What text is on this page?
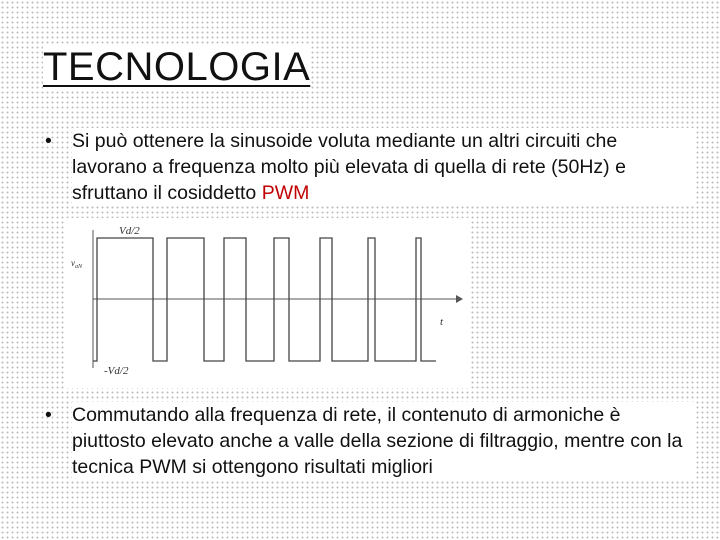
TECNOLOGIA
•	Si può ottenere la sinusoide voluta mediante un altri circuiti che lavorano a frequenza molto più elevata di quella di rete (50Hz) e sfruttano il cosiddetto PWM
Vd/2
-Vd/2
$v_{aN}$
t
•	Commutando alla frequenza di rete, il contenuto di armoniche è piuttosto elevato anche a valle della sezione di filtraggio, mentre con la tecnica PWM si ottengono risultati migliori
